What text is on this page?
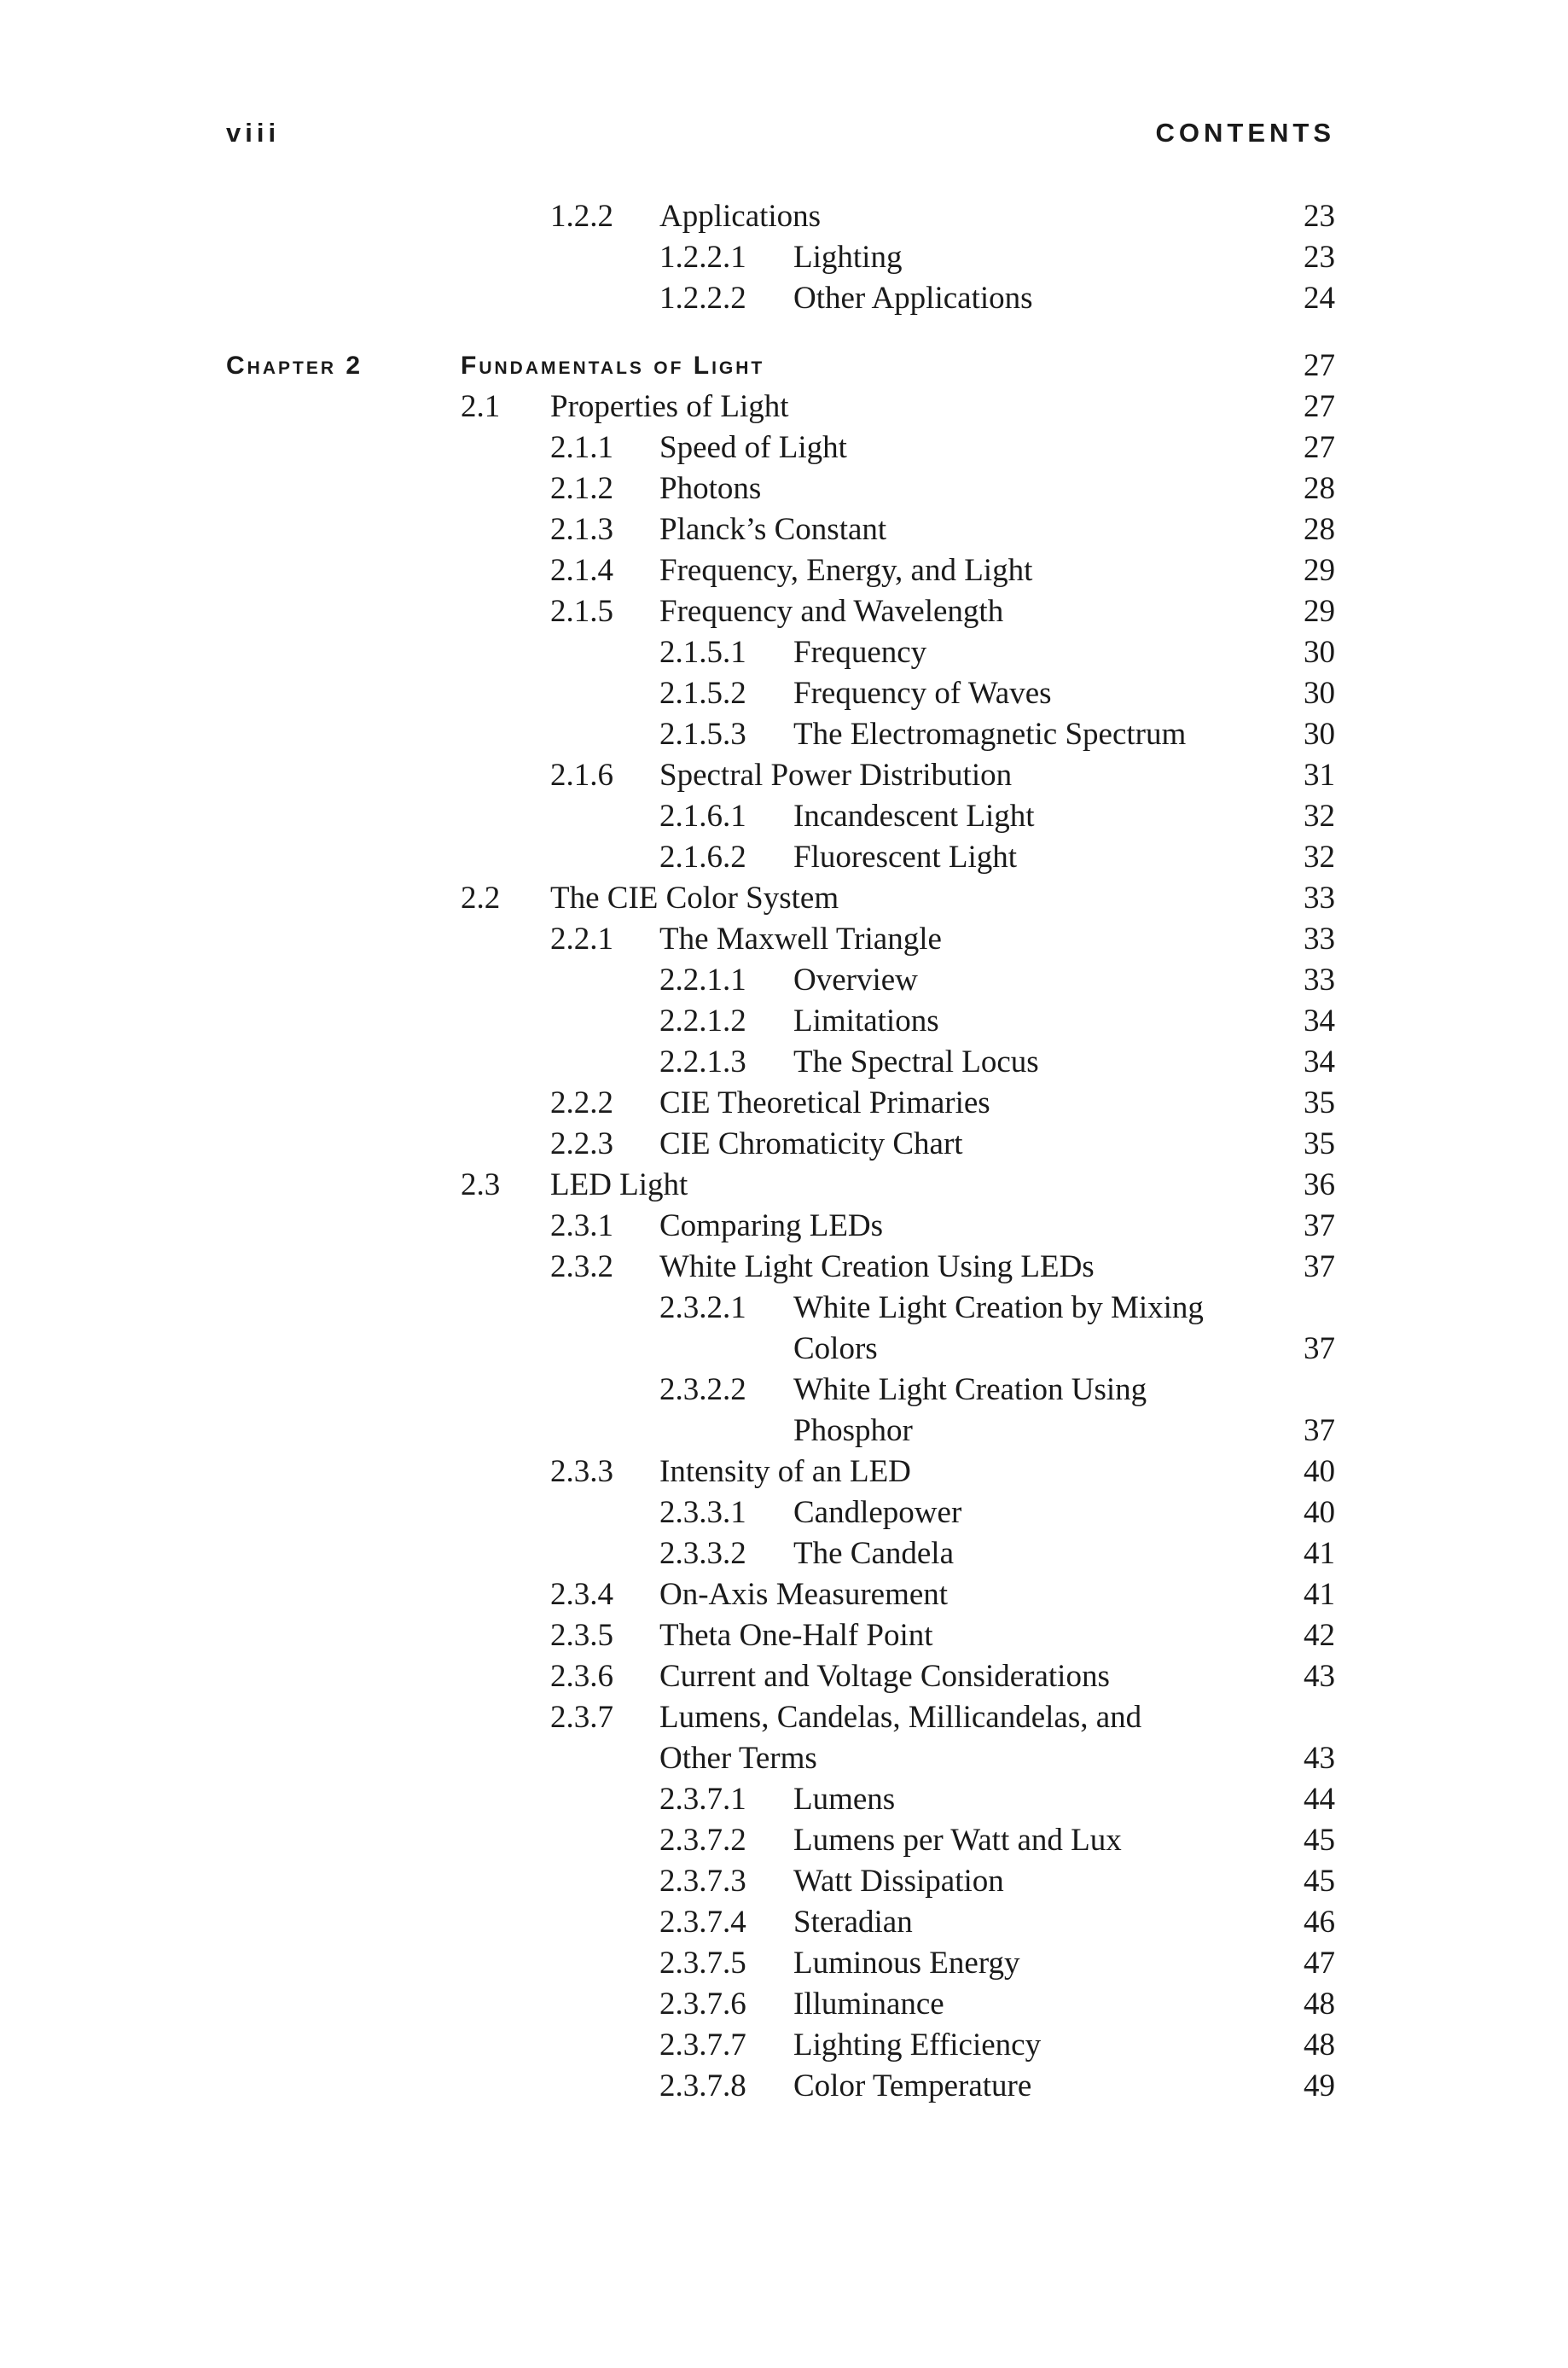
viii	CONTENTS
1.2.2 Applications	23
1.2.2.1 Lighting	23
1.2.2.2 Other Applications	24
Chapter 2	Fundamentals of Light	27
2.1 Properties of Light	27
2.1.1 Speed of Light	27
2.1.2 Photons	28
2.1.3 Planck’s Constant	28
2.1.4 Frequency, Energy, and Light	29
2.1.5 Frequency and Wavelength	29
2.1.5.1 Frequency	30
2.1.5.2 Frequency of Waves	30
2.1.5.3 The Electromagnetic Spectrum	30
2.1.6 Spectral Power Distribution	31
2.1.6.1 Incandescent Light	32
2.1.6.2 Fluorescent Light	32
2.2 The CIE Color System	33
2.2.1 The Maxwell Triangle	33
2.2.1.1 Overview	33
2.2.1.2 Limitations	34
2.2.1.3 The Spectral Locus	34
2.2.2 CIE Theoretical Primaries	35
2.2.3 CIE Chromaticity Chart	35
2.3 LED Light	36
2.3.1 Comparing LEDs	37
2.3.2 White Light Creation Using LEDs	37
2.3.2.1 White Light Creation by Mixing
Colors	37
2.3.2.2 White Light Creation Using
Phosphor	37
2.3.3 Intensity of an LED	40
2.3.3.1 Candlepower	40
2.3.3.2 The Candela	41
2.3.4 On-Axis Measurement	41
2.3.5 Theta One-Half Point	42
2.3.6 Current and Voltage Considerations	43
2.3.7 Lumens, Candelas, Millicandelas, and
Other Terms	43
2.3.7.1 Lumens	44
2.3.7.2 Lumens per Watt and Lux	45
2.3.7.3 Watt Dissipation	45
2.3.7.4 Steradian	46
2.3.7.5 Luminous Energy	47
2.3.7.6 Illuminance	48
2.3.7.7 Lighting Efficiency	48
2.3.7.8 Color Temperature	49
